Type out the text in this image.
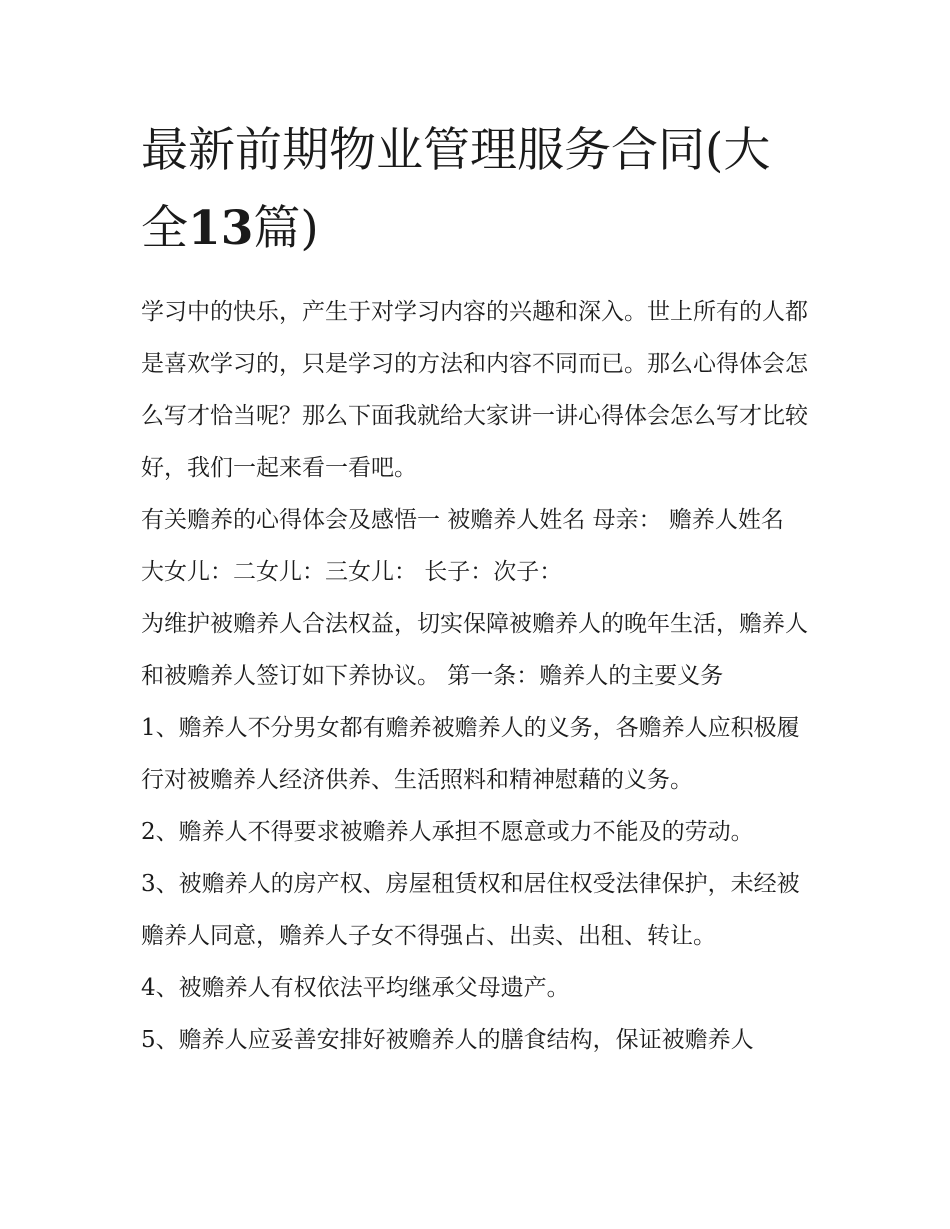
最新前期物业管理服务合同(大全13篇)

学习中的快乐，产生于对学习内容的兴趣和深入。世上所有的人都是喜欢学习的，只是学习的方法和内容不同而已。那么心得体会怎么写才恰当呢？那么下面我就给大家讲一讲心得体会怎么写才比较好，我们一起来看一看吧。

有关赡养的心得体会及感悟一 被赡养人姓名 母亲： 赡养人姓名 大女儿：二女儿：三女儿： 长子：次子：

为维护被赡养人合法权益，切实保障被赡养人的晚年生活，赡养人和被赡养人签订如下养协议。 第一条：赡养人的主要义务

1、赡养人不分男女都有赡养被赡养人的义务，各赡养人应积极履行对被赡养人经济供养、生活照料和精神慰藉的义务。

2、赡养人不得要求被赡养人承担不愿意或力不能及的劳动。

3、被赡养人的房产权、房屋租赁权和居住权受法律保护，未经被赡养人同意，赡养人子女不得强占、出卖、出租、转让。

4、被赡养人有权依法平均继承父母遗产。

5、赡养人应妥善安排好被赡养人的膳食结构，保证被赡养人
